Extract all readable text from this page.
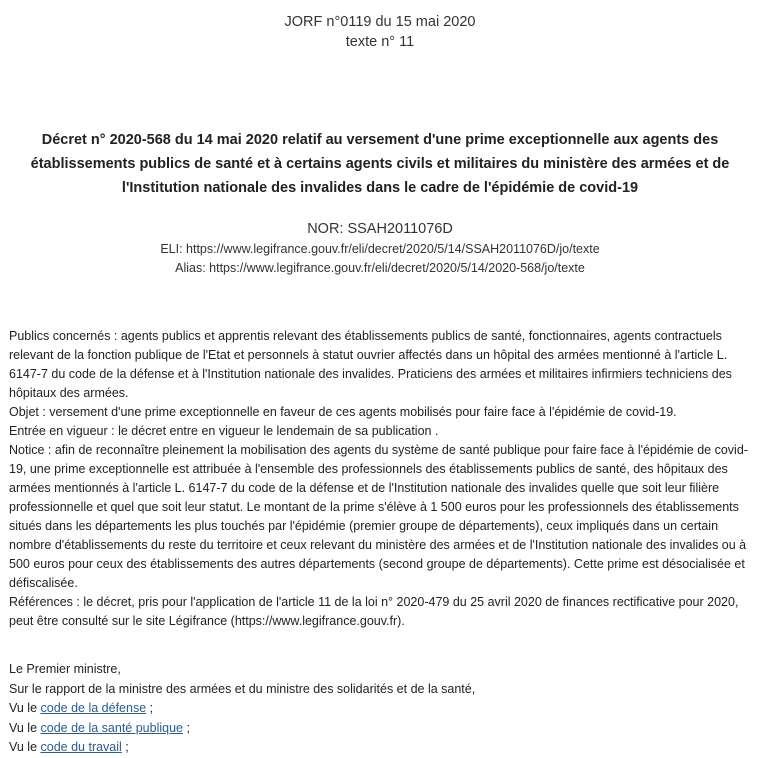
JORF n°0119 du 15 mai 2020
texte n° 11
Décret n° 2020-568 du 14 mai 2020 relatif au versement d'une prime exceptionnelle aux agents des établissements publics de santé et à certains agents civils et militaires du ministère des armées et de l'Institution nationale des invalides dans le cadre de l'épidémie de covid-19
NOR: SSAH2011076D
ELI: https://www.legifrance.gouv.fr/eli/decret/2020/5/14/SSAH2011076D/jo/texte
Alias: https://www.legifrance.gouv.fr/eli/decret/2020/5/14/2020-568/jo/texte

Publics concernés : agents publics et apprentis relevant des établissements publics de santé, fonctionnaires, agents contractuels relevant de la fonction publique de l'Etat et personnels à statut ouvrier affectés dans un hôpital des armées mentionné à l'article L. 6147-7 du code de la défense et à l'Institution nationale des invalides. Praticiens des armées et militaires infirmiers techniciens des hôpitaux des armées.

Objet : versement d'une prime exceptionnelle en faveur de ces agents mobilisés pour faire face à l'épidémie de covid-19.

Entrée en vigueur : le décret entre en vigueur le lendemain de sa publication .

Notice : afin de reconnaître pleinement la mobilisation des agents du système de santé publique pour faire face à l'épidémie de covid-19, une prime exceptionnelle est attribuée à l'ensemble des professionnels des établissements publics de santé, des hôpitaux des armées mentionnés à l'article L. 6147-7 du code de la défense et de l'Institution nationale des invalides quelle que soit leur filière professionnelle et quel que soit leur statut. Le montant de la prime s'élève à 1 500 euros pour les professionnels des établissements situés dans les départements les plus touchés par l'épidémie (premier groupe de départements), ceux impliqués dans un certain nombre d'établissements du reste du territoire et ceux relevant du ministère des armées et de l'Institution nationale des invalides ou à 500 euros pour ceux des établissements des autres départements (second groupe de départements). Cette prime est désocialisée et défiscalisée.

Références : le décret, pris pour l'application de l'article 11 de la loi n° 2020-479 du 25 avril 2020 de finances rectificative pour 2020, peut être consulté sur le site Légifrance (https://www.legifrance.gouv.fr).

Le Premier ministre,

Sur le rapport de la ministre des armées et du ministre des solidarités et de la santé,

Vu le code de la défense ;

Vu le code de la santé publique ;

Vu le code du travail ;
